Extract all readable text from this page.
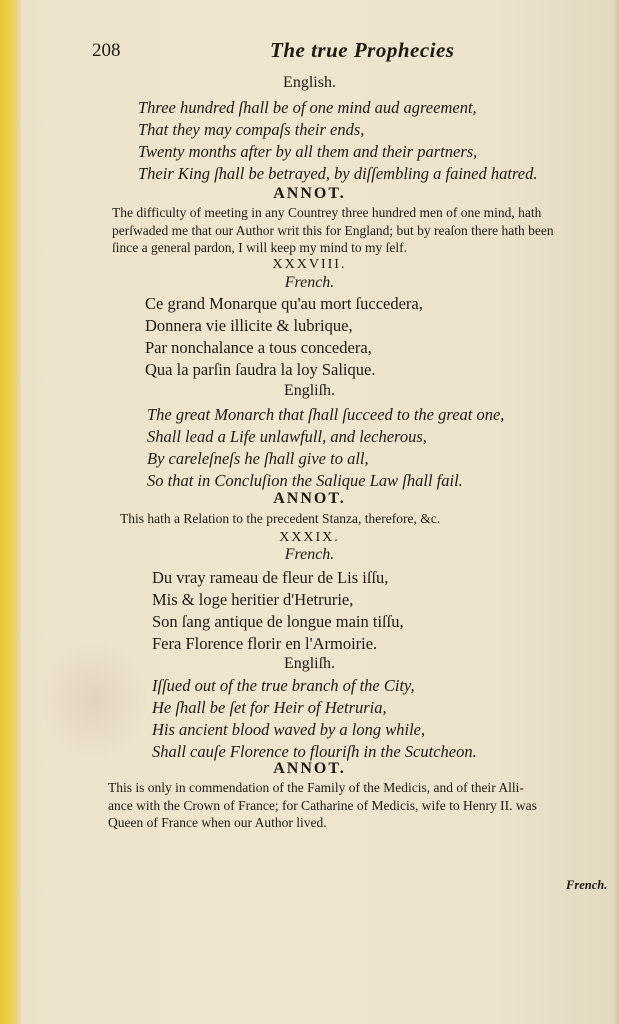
208	The true Prophecies
English.
Three hundred ſhall be of one mind aud agreement,
That they may compaſs their ends,
Twenty months after by all them and their partners,
Their King ſhall be betrayed, by diſſembling a fained hatred.
ANNOT.
The difficulty of meeting in any Countrey three hundred men of one mind, hath
perſwaded me that our Author writ this for England; but by reaſon there hath been
ſince a general pardon, I will keep my mind to my ſelf.
XXXVIII.
French.
Ce grand Monarque qu'au mort ſuccedera,
Donnera vie illicite & lubrique,
Par nonchalance a tous concedera,
Qua la parſin ſaudra la loy Salique.
Engliſh.
The great Monarch that ſhall ſucceed to the great one,
Shall lead a Life unlawfull, and lecherous,
By careleſneſs he ſhall give to all,
So that in Concluſion the Salique Law ſhall fail.
ANNOT.
This hath a Relation to the precedent Stanza, therefore, &c.
XXXIX.
French.
Du vray rameau de fleur de Lis iſſu,
Mis & loge heritier d'Hetrurie,
Son ſang antique de longue main tiſſu,
Fera Florence florir en l'Armoirie.
Engliſh.
Iſſued out of the true branch of the City,
He ſhall be ſet for Heir of Hetruria,
His ancient blood waved by a long while,
Shall cauſe Florence to flouriſh in the Scutcheon.
ANNOT.
This is only in commendation of the Family of the Medicis, and of their Alli-
ance with the Crown of France; for Catharine of Medicis, wife to Henry II. was
Queen of France when our Author lived.
French.
